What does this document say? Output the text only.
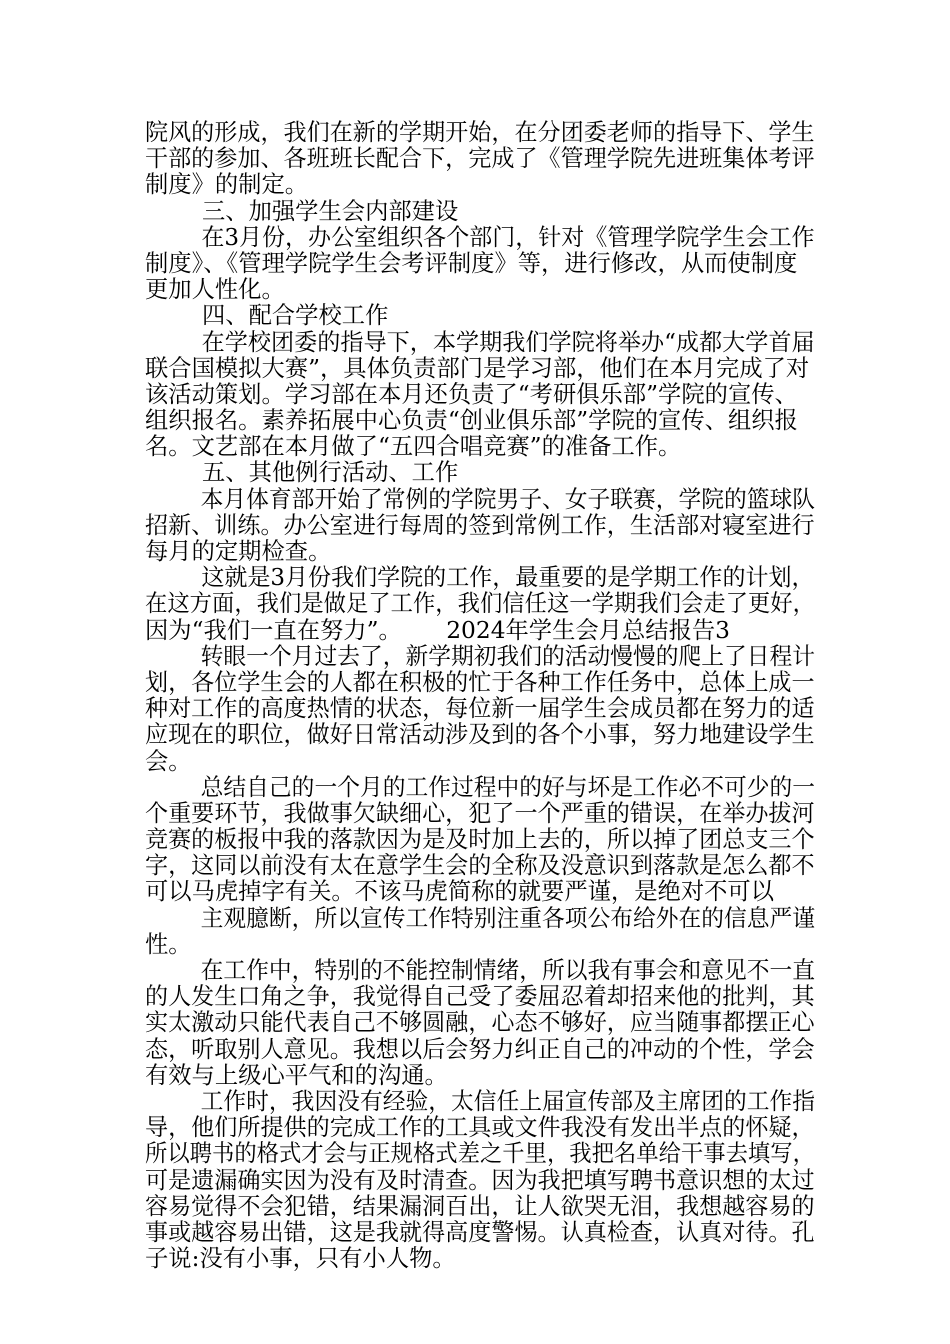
院风的形成，我们在新的学期开始，在分团委老师的指导下、学生
干部的参加、各班班长配合下，完成了《管理学院先进班集体考评
制度》的制定。
三、加强学生会内部建设
在3月份，办公室组织各个部门，针对《管理学院学生会工作
制度》、《管理学院学生会考评制度》等，进行修改，从而使制度
更加人性化。
四、配合学校工作
在学校团委的指导下，本学期我们学院将举办“成都大学首届
联合国模拟大赛”，具体负责部门是学习部，他们在本月完成了对
该活动策划。学习部在本月还负责了“考研俱乐部”学院的宣传、
组织报名。素养拓展中心负责“创业俱乐部”学院的宣传、组织报
名。文艺部在本月做了“五四合唱竞赛”的准备工作。
五、其他例行活动、工作
本月体育部开始了常例的学院男子、女子联赛，学院的篮球队
招新、训练。办公室进行每周的签到常例工作，生活部对寝室进行
每月的定期检查。
这就是3月份我们学院的工作，最重要的是学期工作的计划，
在这方面，我们是做足了工作，我们信任这一学期我们会走了更好，
因为“我们一直在努力”。      2024年学生会月总结报告3
转眼一个月过去了，新学期初我们的活动慢慢的爬上了日程计
划，各位学生会的人都在积极的忙于各种工作任务中，总体上成一
种对工作的高度热情的状态，每位新一届学生会成员都在努力的适
应现在的职位，做好日常活动涉及到的各个小事，努力地建设学生
会。
总结自己的一个月的工作过程中的好与坏是工作必不可少的一
个重要环节，我做事欠缺细心，犯了一个严重的错误，在举办拔河
竞赛的板报中我的落款因为是及时加上去的，所以掉了团总支三个
字，这同以前没有太在意学生会的全称及没意识到落款是怎么都不
可以马虎掉字有关。不该马虎简称的就要严谨，是绝对不可以
主观臆断，所以宣传工作特别注重各项公布给外在的信息严谨
性。
在工作中，特别的不能控制情绪，所以我有事会和意见不一直
的人发生口角之争，我觉得自己受了委屈忍着却招来他的批判，其
实太激动只能代表自己不够圆融，心态不够好，应当随事都摆正心
态，听取别人意见。我想以后会努力纠正自己的冲动的个性，学会
有效与上级心平气和的沟通。
工作时，我因没有经验，太信任上届宣传部及主席团的工作指
导，他们所提供的完成工作的工具或文件我没有发出半点的怀疑，
所以聘书的格式才会与正规格式差之千里，我把名单给干事去填写，
可是遗漏确实因为没有及时清查。因为我把填写聘书意识想的太过
容易觉得不会犯错，结果漏洞百出，让人欲哭无泪，我想越容易的
事或越容易出错，这是我就得高度警惕。认真检查，认真对待。孔
子说:没有小事，只有小人物。
